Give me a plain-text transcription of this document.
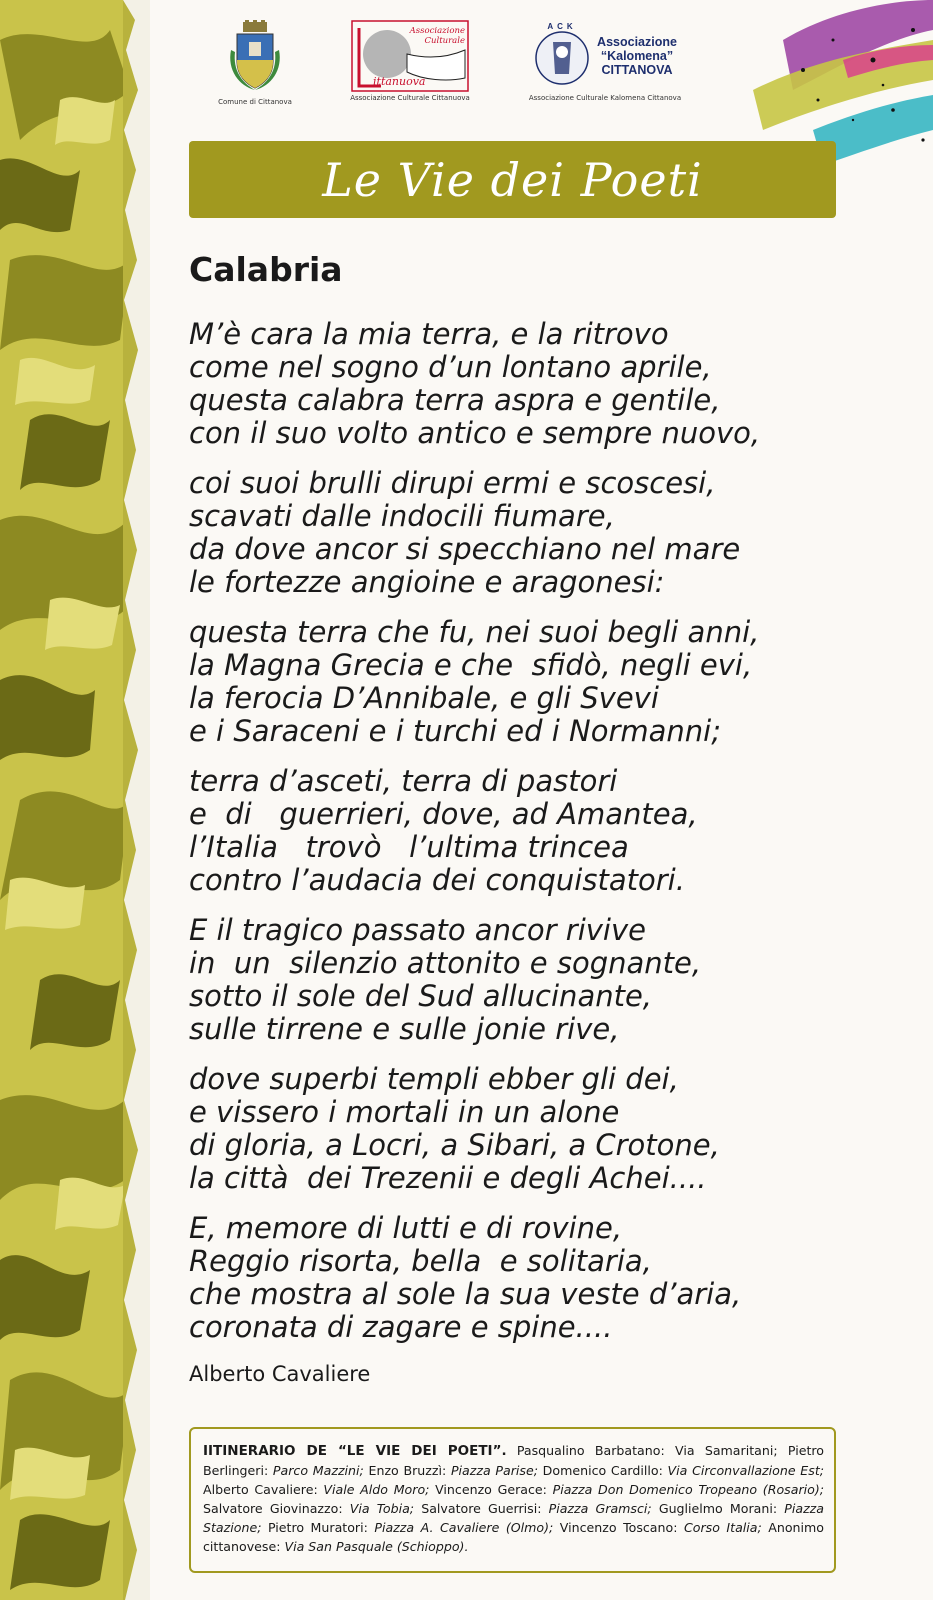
Comune di Cittanova
Associazione
Culturale
ittanuova
Associazione Culturale Cittanuova
ACK
Associazione
“Kalomena”
CITTANOVA
Associazione Culturale Kalomena Cittanova
Le Vie dei Poeti
Calabria

M’è cara la mia terra, e la ritrovo
come nel sogno d’un lontano aprile,
questa calabra terra aspra e gentile,
con il suo volto antico e sempre nuovo,

coi suoi brulli dirupi ermi e scoscesi,
scavati dalle indocili fiumare,
da dove ancor si specchiano nel mare
le fortezze angioine e aragonesi:

questa terra che fu, nei suoi begli anni,
la Magna Grecia e che  sfidò, negli evi,
la ferocia D’Annibale, e gli Svevi
e i Saraceni e i turchi ed i Normanni;

terra d’asceti, terra di pastori
e  di   guerrieri, dove, ad Amantea,
l’Italia   trovò   l’ultima trincea
contro l’audacia dei conquistatori.

E il tragico passato ancor rivive
in  un  silenzio attonito e sognante,
sotto il sole del Sud allucinante,
sulle tirrene e sulle jonie rive,

dove superbi templi ebber gli dei,
e vissero i mortali in un alone
di gloria, a Locri, a Sibari, a Crotone,
la città  dei Trezenii e degli Achei....

E, memore di lutti e di rovine,
Reggio risorta, bella  e solitaria,
che mostra al sole la sua veste d’aria,
coronata di zagare e spine....

Alberto Cavaliere
IITINERARIO DE “LE VIE DEI POETI”. Pasqualino Barbatano: Via Samaritani; Pietro Berlingeri: Parco Mazzini; Enzo Bruzzì: Piazza Parise; Domenico Cardillo: Via Circonvallazione Est; Alberto Cavaliere: Viale Aldo Moro; Vincenzo Gerace: Piazza Don Domenico Tropeano (Rosario); Salvatore Giovinazzo: Via Tobia; Salvatore Guerrisi: Piazza Gramsci; Guglielmo Morani: Piazza Stazione; Pietro Muratori: Piazza A. Cavaliere (Olmo); Vincenzo Toscano: Corso Italia; Anonimo cittanovese: Via San Pasquale (Schioppo).
